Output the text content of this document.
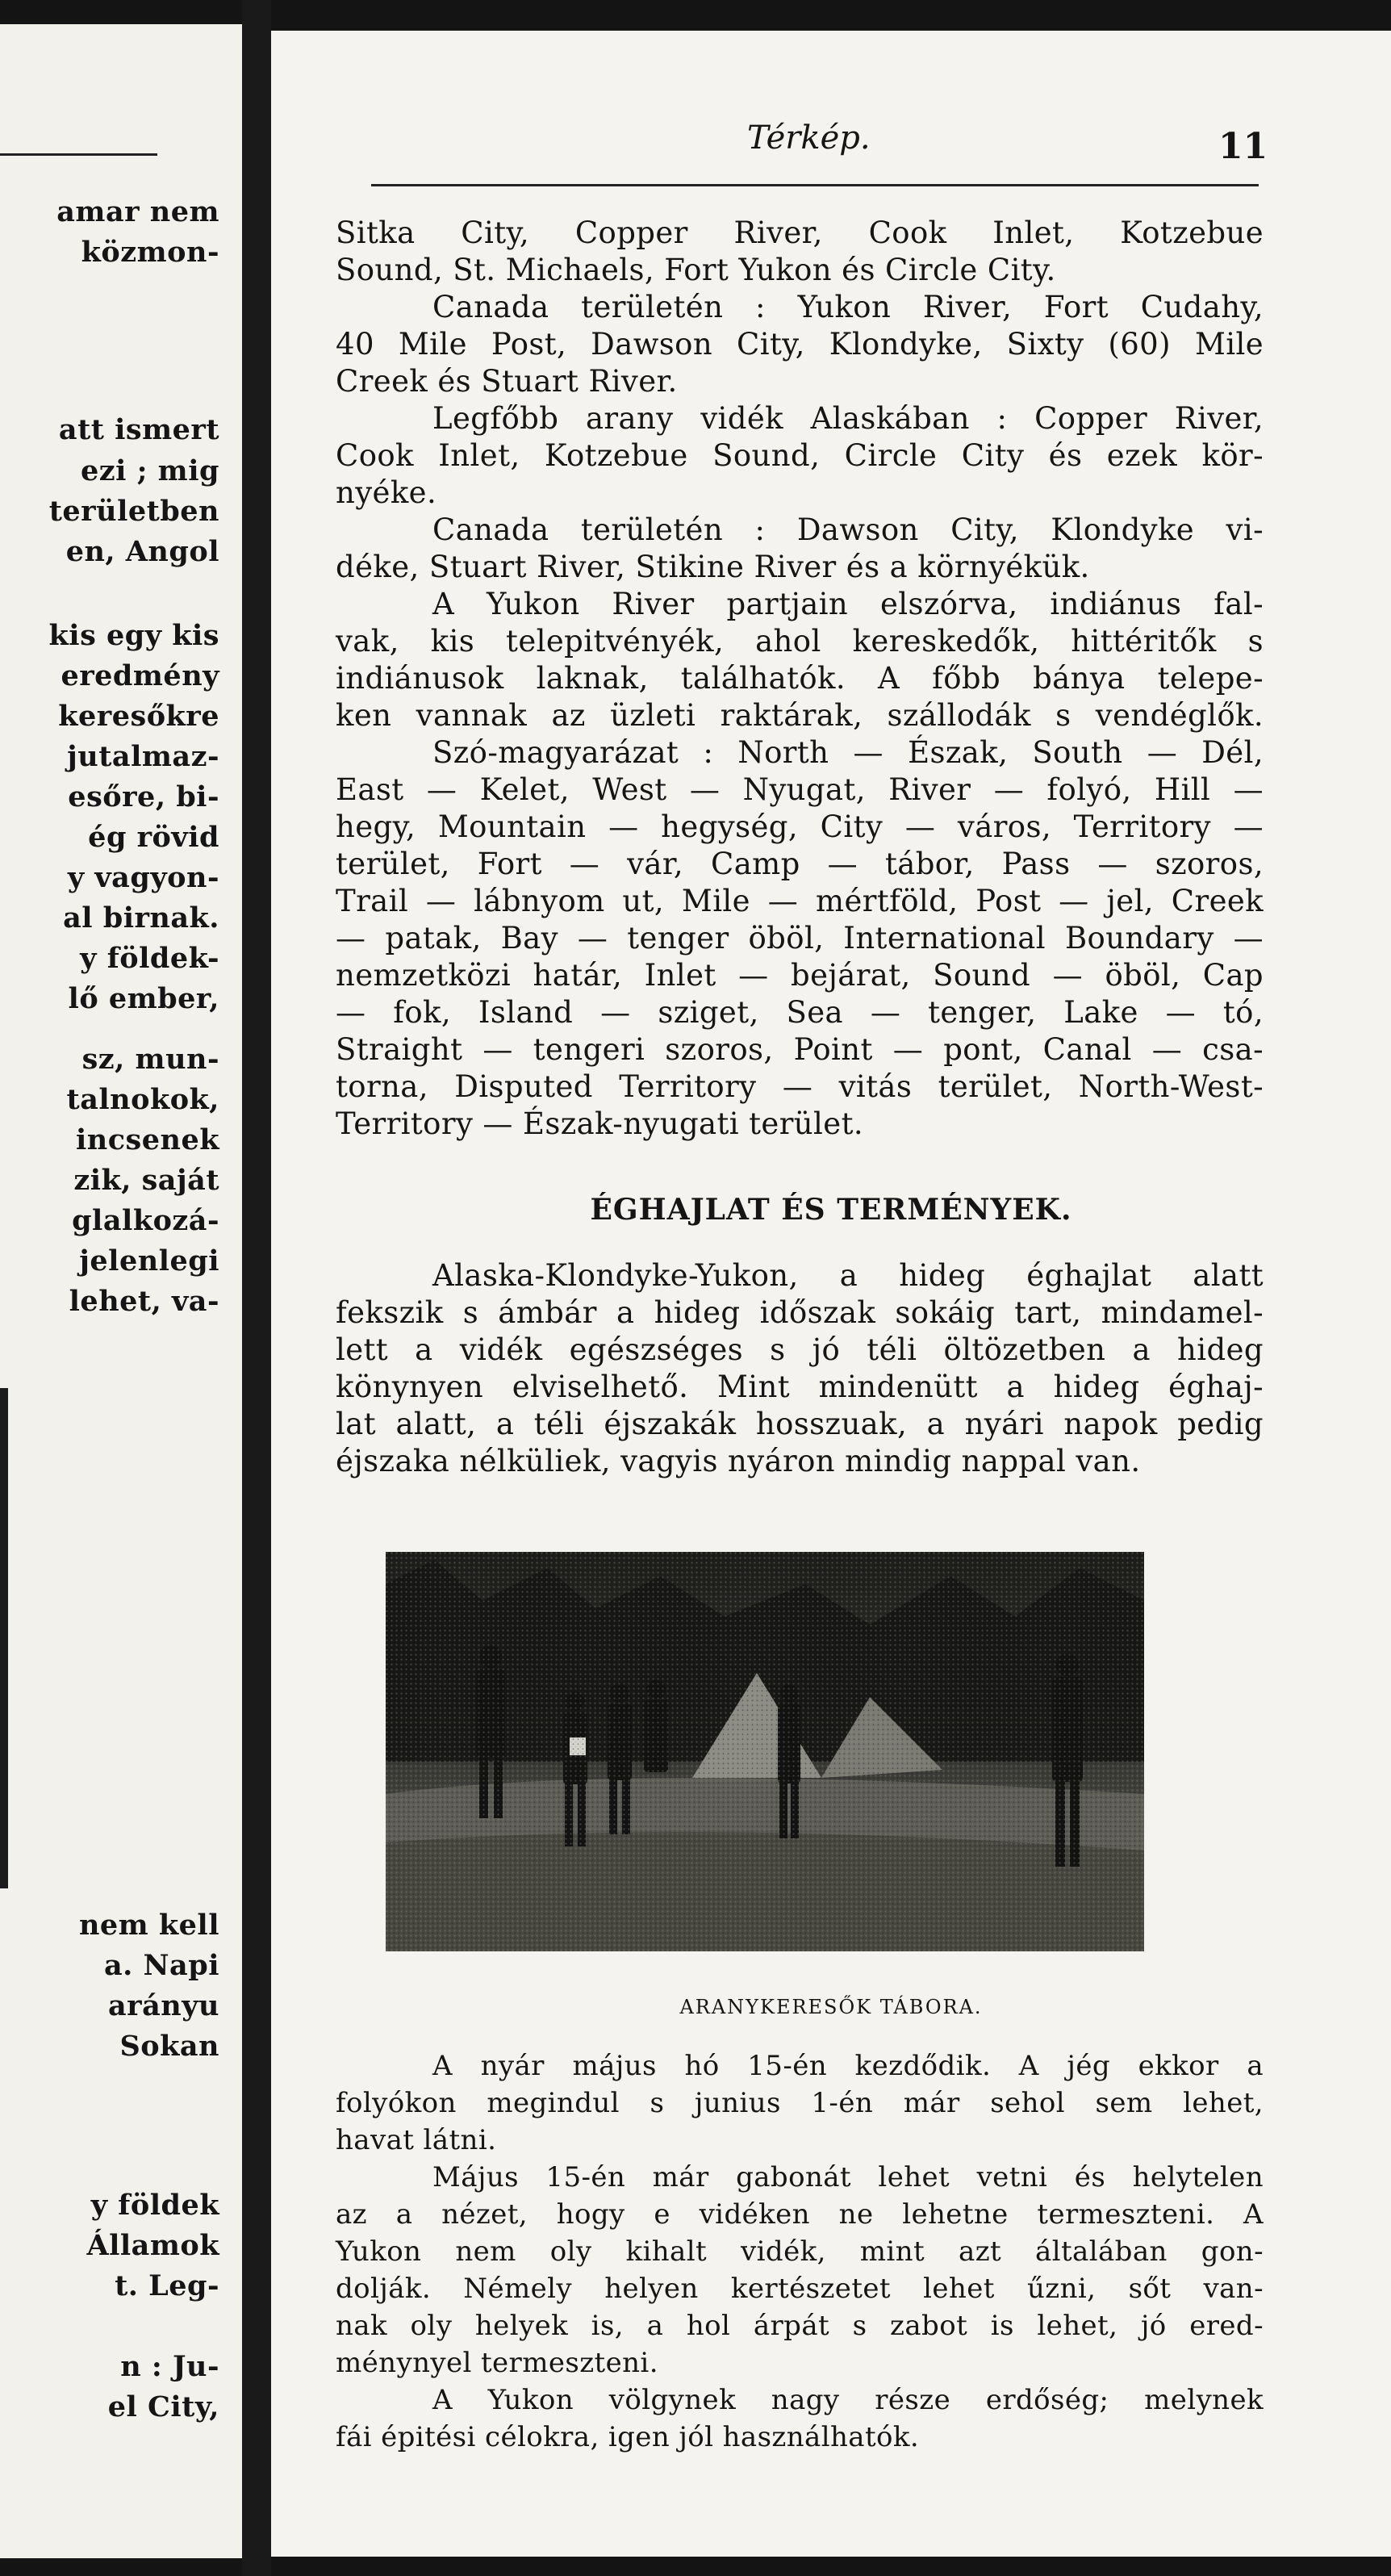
amar nem
közmon-
att ismert
ezi ; mig
területben
en, Angol
kis egy kis
eredmény
keresőkre
jutalmaz-
esőre, bi-
ég rövid
y vagyon-
al birnak.
y földek-
lő ember,
sz, mun-
talnokok,
incsenek
zik, saját
glalkozá-
jelenlegi
lehet, va-
nem kell
a. Napi
arányu
Sokan
y földek
Államok
t. Leg-
n : Ju-
el City,
Térkép.	11
Sitka City, Copper River, Cook Inlet, Kotzebue
Sound, St. Michaels, Fort Yukon és Circle City.
Canada területén : Yukon River, Fort Cudahy,
40 Mile Post, Dawson City, Klondyke, Sixty (60) Mile
Creek és Stuart River.
Legfőbb arany vidék Alaskában : Copper River,
Cook Inlet, Kotzebue Sound, Circle City és ezek kör-
nyéke.
Canada területén : Dawson City, Klondyke vi-
déke, Stuart River, Stikine River és a környékük.
A Yukon River partjain elszórva, indiánus fal-
vak, kis telepitvényék, ahol kereskedők, hittéritők s
indiánusok laknak, találhatók. A főbb bánya telepe-
ken vannak az üzleti raktárak, szállodák s vendéglők.
Szó-magyarázat : North — Észak, South — Dél,
East — Kelet, West — Nyugat, River — folyó, Hill —
hegy, Mountain — hegység, City — város, Territory —
terület, Fort — vár, Camp — tábor, Pass — szoros,
Trail — lábnyom ut, Mile — mértföld, Post — jel, Creek
— patak, Bay — tenger öböl, International Boundary —
nemzetközi határ, Inlet — bejárat, Sound — öböl, Cap
— fok, Island — sziget, Sea — tenger, Lake — tó,
Straight — tengeri szoros, Point — pont, Canal — csa-
torna, Disputed Territory — vitás terület, North-West-
Territory — Észak-nyugati terület.
ÉGHAJLAT ÉS TERMÉNYEK.
Alaska-Klondyke-Yukon, a hideg éghajlat alatt
fekszik s ámbár a hideg időszak sokáig tart, mindamel-
lett a vidék egészséges s jó téli öltözetben a hideg
könynyen elviselhető. Mint mindenütt a hideg éghaj-
lat alatt, a téli éjszakák hosszuak, a nyári napok pedig
éjszaka nélküliek, vagyis nyáron mindig nappal van.
ARANYKERESŐK TÁBORA.
A nyár május hó 15-én kezdődik. A jég ekkor a
folyókon megindul s junius 1-én már sehol sem lehet,
havat látni.
Május 15-én már gabonát lehet vetni és helytelen
az a nézet, hogy e vidéken ne lehetne termeszteni. A
Yukon nem oly kihalt vidék, mint azt általában gon-
dolják. Némely helyen kertészetet lehet űzni, sőt van-
nak oly helyek is, a hol árpát s zabot is lehet, jó ered-
ménynyel termeszteni.
A Yukon völgynek nagy része erdőség; melynek
fái épitési célokra, igen jól használhatók.
